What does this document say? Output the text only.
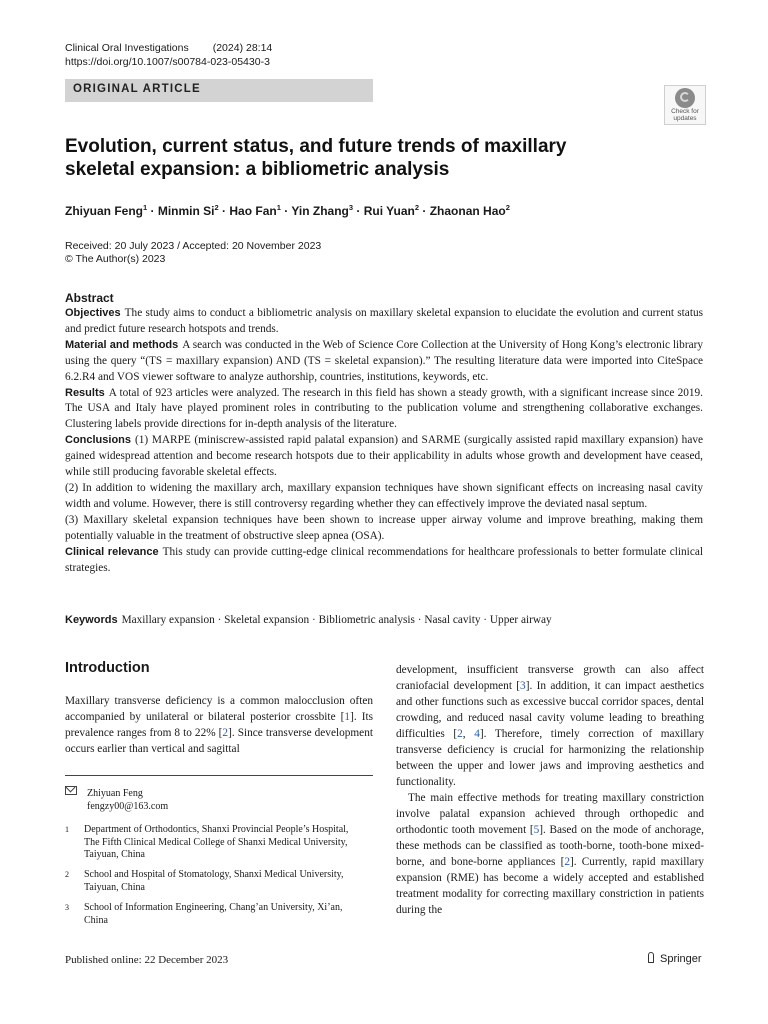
Clinical Oral Investigations (2024) 28:14
https://doi.org/10.1007/s00784-023-05430-3
ORIGINAL ARTICLE
Check for
updates
Evolution, current status, and future trends of maxillary skeletal expansion: a bibliometric analysis
Zhiyuan Feng$^1$ · Minmin $Si^2$ · Hao Fan$^1$ · Yin Zhang$^3$ · Rui Yuan$^2$ · Zhaonan Hao$^2$
Received: 20 July 2023 / Accepted: 20 November 2023
© The Author(s) 2023
Abstract

Objectives The study aims to conduct a bibliometric analysis on maxillary skeletal expansion to elucidate the evolution and current status and predict future research hotspots and trends.

Material and methods A search was conducted in the Web of Science Core Collection at the University of Hong Kong’s electronic library using the query “(TS = maxillary expansion) AND (TS = skeletal expansion).” The resulting literature data were imported into CiteSpace 6.2.R4 and VOS viewer software to analyze authorship, countries, institutions, keywords, etc.

Results A total of 923 articles were analyzed. The research in this field has shown a steady growth, with a significant increase since 2019. The USA and Italy have played prominent roles in contributing to the publication volume and strengthening collaborative exchanges. Clustering labels provide directions for in-depth analysis of the literature.

Conclusions (1) MARPE (miniscrew-assisted rapid palatal expansion) and SARME (surgically assisted rapid maxillary expansion) have gained widespread attention and become research hotspots due to their applicability in adults whose growth and development have ceased, while still producing favorable skeletal effects.

(2) In addition to widening the maxillary arch, maxillary expansion techniques have shown significant effects on increasing nasal cavity width and volume. However, there is still controversy regarding whether they can effectively improve the deviated nasal septum.

(3) Maxillary skeletal expansion techniques have been shown to increase upper airway volume and improve breathing, making them potentially valuable in the treatment of obstructive sleep apnea (OSA).

Clinical relevance This study can provide cutting-edge clinical recommendations for healthcare professionals to better formulate clinical strategies.

Keywords Maxillary expansion · Skeletal expansion · Bibliometric analysis · Nasal cavity · Upper airway
Introduction

Maxillary transverse deficiency is a common malocclusion often accompanied by unilateral or bilateral posterior crossbite [1]. Its prevalence ranges from 8 to 22% [2]. Since transverse development occurs earlier than vertical and sagittal

development, insufficient transverse growth can also affect craniofacial development [3]. In addition, it can impact aesthetics and other functions such as excessive buccal corridor spaces, dental crowding, and reduced nasal cavity volume leading to breathing difficulties [2, 4]. Therefore, timely correction of maxillary transverse deficiency is crucial for harmonizing the relationship between the upper and lower jaws and improving aesthetics and functionality.

The main effective methods for treating maxillary constriction involve palatal expansion achieved through orthopedic and orthodontic tooth movement [5]. Based on the mode of anchorage, these methods can be classified as tooth-borne, tooth-bone mixed-borne, and bone-borne appliances [2]. Currently, rapid maxillary expansion (RME) has become a widely accepted and established treatment modality for correcting maxillary constriction in patients during the

Zhiyuan Feng
fengzy00@163.com
1 Department of Orthodontics, Shanxi Provincial People’s Hospital, The Fifth Clinical Medical College of Shanxi Medical University, Taiyuan, China
2 School and Hospital of Stomatology, Shanxi Medical University, Taiyuan, China
3 School of Information Engineering, Chang’an University, Xi’an, China
Published online: 22 December 2023	Springer
